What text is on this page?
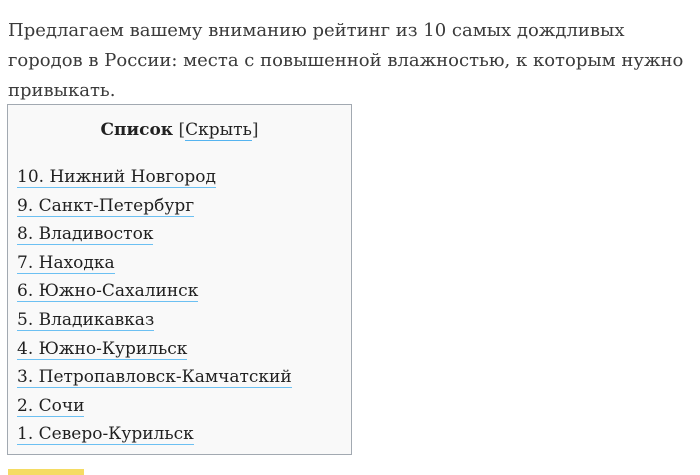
Предлагаем вашему вниманию рейтинг из 10 самых дождливых городов в России: места с повышенной влажностью, к которым нужно привыкать.

Список [Скрыть]
10. Нижний Новгород
9. Санкт-Петербург
8. Владивосток
7. Находка
6. Южно-Сахалинск
5. Владикавказ
4. Южно-Курильск
3. Петропавловск-Камчатский
2. Сочи
1. Северо-Курильск
